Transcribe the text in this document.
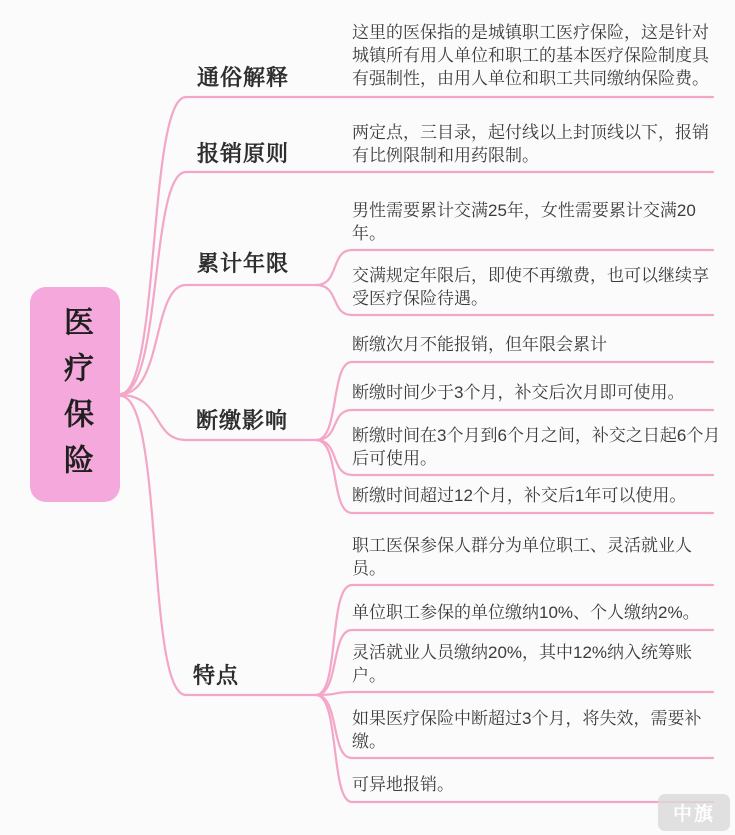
医疗保险
通俗解释
报销原则
累计年限
断缴影响
特点
这里的医保指的是城镇职工医疗保险，这是针对城镇所有用人单位和职工的基本医疗保险制度具有强制性，由用人单位和职工共同缴纳保险费。
两定点，三目录，起付线以上封顶线以下，报销有比例限制和用药限制。
男性需要累计交满25年，女性需要累计交满20年。
交满规定年限后，即使不再缴费，也可以继续享受医疗保险待遇。
断缴次月不能报销，但年限会累计
断缴时间少于3个月，补交后次月即可使用。
断缴时间在3个月到6个月之间，补交之日起6个月后可使用。
断缴时间超过12个月，补交后1年可以使用。
职工医保参保人群分为单位职工、灵活就业人员。
单位职工参保的单位缴纳10%、个人缴纳2%。
灵活就业人员缴纳20%，其中12%纳入统筹账户。
如果医疗保险中断超过3个月，将失效，需要补缴。
可异地报销。
中旗
